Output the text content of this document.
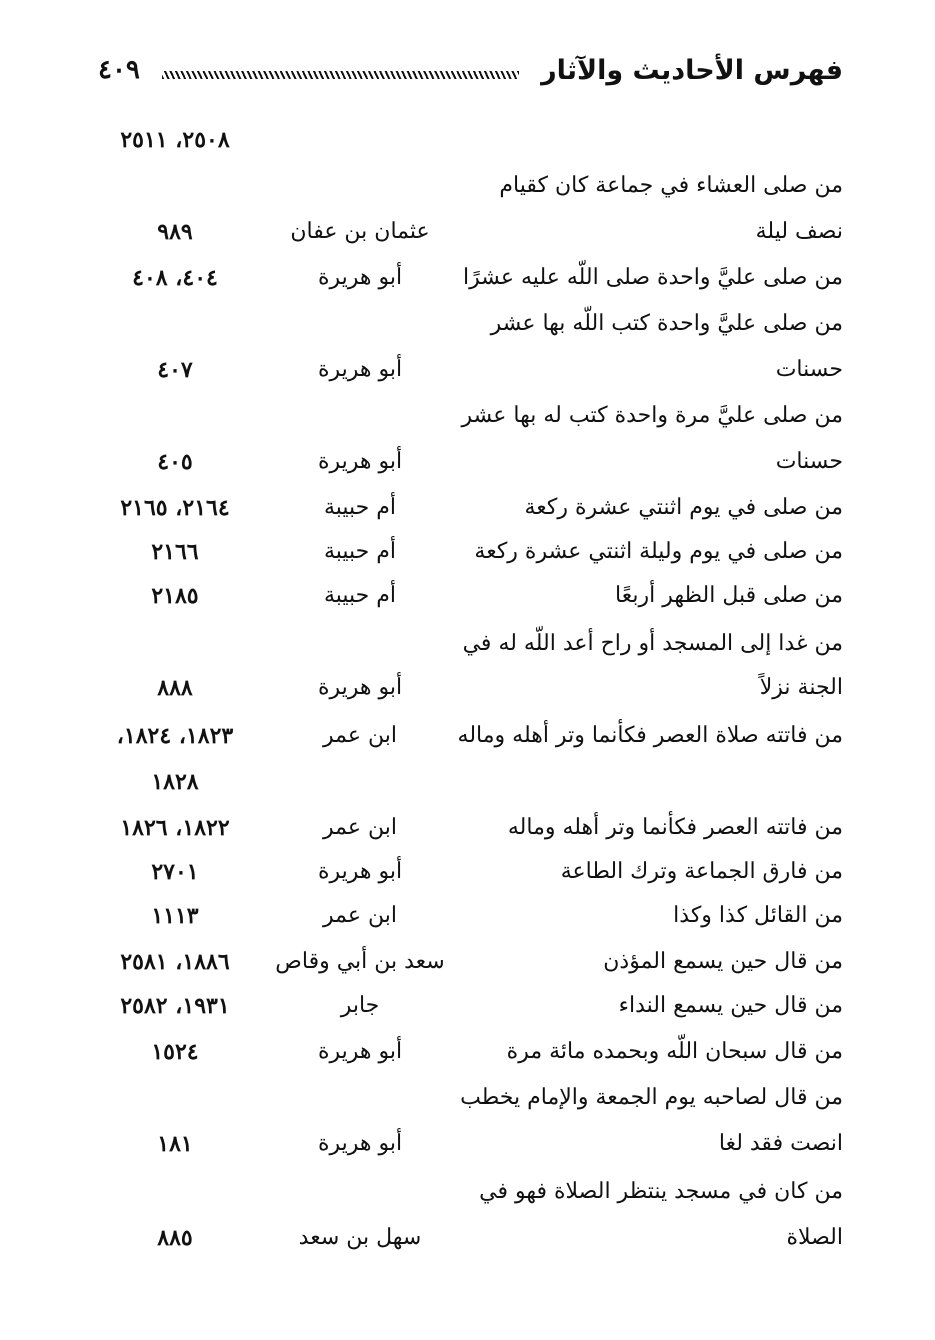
فهرس الأحاديث والآثار
٤٠٩
٢٥٠٨، ٢٥١١
من صلى العشاء في جماعة كان كقيام
نصف ليلة
عثمان بن عفان
٩٨٩
من صلى عليَّ واحدة صلى اللّه عليه عشرًا
أبو هريرة
٤٠٤، ٤٠٨
من صلى عليَّ واحدة كتب اللّه بها عشر
حسنات
أبو هريرة
٤٠٧
من صلى عليَّ مرة واحدة كتب له بها عشر
حسنات
أبو هريرة
٤٠٥
من صلى في يوم اثنتي عشرة ركعة
أم حبيبة
٢١٦٤، ٢١٦٥
من صلى في يوم وليلة اثنتي عشرة ركعة
أم حبيبة
٢١٦٦
من صلى قبل الظهر أربعًا
أم حبيبة
٢١٨٥
من غدا إلى المسجد أو راح أعد اللّه له في
الجنة نزلاً
أبو هريرة
٨٨٨
من فاتته صلاة العصر فكأنما وتر أهله وماله
ابن عمر
١٨٢٣، ١٨٢٤،
١٨٢٨
من فاتته العصر فكأنما وتر أهله وماله
ابن عمر
١٨٢٢، ١٨٢٦
من فارق الجماعة وترك الطاعة
أبو هريرة
٢٧٠١
من القائل كذا وكذا
ابن عمر
١١١٣
من قال حين يسمع المؤذن
سعد بن أبي وقاص
١٨٨٦، ٢٥٨١
من قال حين يسمع النداء
جابر
١٩٣١، ٢٥٨٢
من قال سبحان اللّه وبحمده مائة مرة
أبو هريرة
١٥٢٤
من قال لصاحبه يوم الجمعة والإمام يخطب
انصت فقد لغا
أبو هريرة
١٨١
من كان في مسجد ينتظر الصلاة فهو في
الصلاة
سهل بن سعد
٨٨٥
